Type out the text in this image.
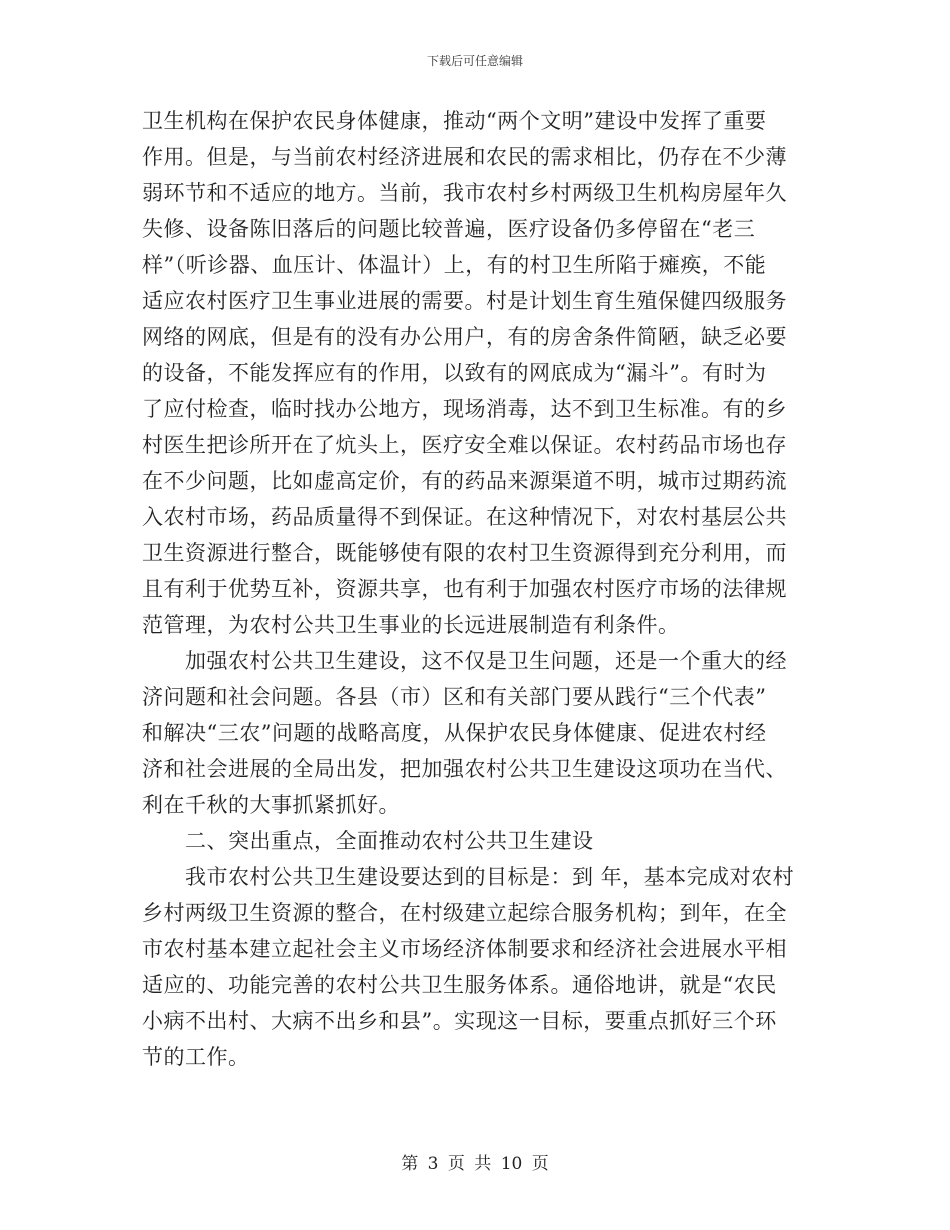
下载后可任意编辑

卫生机构在保护农民身体健康，推动“两个文明”建设中发挥了重要
作用。但是，与当前农村经济进展和农民的需求相比，仍存在不少薄
弱环节和不适应的地方。当前，我市农村乡村两级卫生机构房屋年久
失修、设备陈旧落后的问题比较普遍，医疗设备仍多停留在“老三
样”（听诊器、血压计、体温计）上，有的村卫生所陷于瘫痪，不能
适应农村医疗卫生事业进展的需要。村是计划生育生殖保健四级服务
网络的网底，但是有的没有办公用户，有的房舍条件简陋，缺乏必要
的设备，不能发挥应有的作用，以致有的网底成为“漏斗”。有时为
了应付检查，临时找办公地方，现场消毒，达不到卫生标准。有的乡
村医生把诊所开在了炕头上，医疗安全难以保证。农村药品市场也存
在不少问题，比如虚高定价，有的药品来源渠道不明，城市过期药流
入农村市场，药品质量得不到保证。在这种情况下，对农村基层公共
卫生资源进行整合，既能够使有限的农村卫生资源得到充分利用，而
且有利于优势互补，资源共享，也有利于加强农村医疗市场的法律规
范管理，为农村公共卫生事业的长远进展制造有利条件。

　　加强农村公共卫生建设，这不仅是卫生问题，还是一个重大的经
济问题和社会问题。各县（市）区和有关部门要从践行“三个代表”
和解决“三农”问题的战略高度，从保护农民身体健康、促进农村经
济和社会进展的全局出发，把加强农村公共卫生建设这项功在当代、
利在千秋的大事抓紧抓好。

　　二、突出重点，全面推动农村公共卫生建设

　　我市农村公共卫生建设要达到的目标是：到 年，基本完成对农村
乡村两级卫生资源的整合，在村级建立起综合服务机构；到年，在全
市农村基本建立起社会主义市场经济体制要求和经济社会进展水平相
适应的、功能完善的农村公共卫生服务体系。通俗地讲，就是“农民
小病不出村、大病不出乡和县”。实现这一目标，要重点抓好三个环
节的工作。

第 3 页 共 10 页
